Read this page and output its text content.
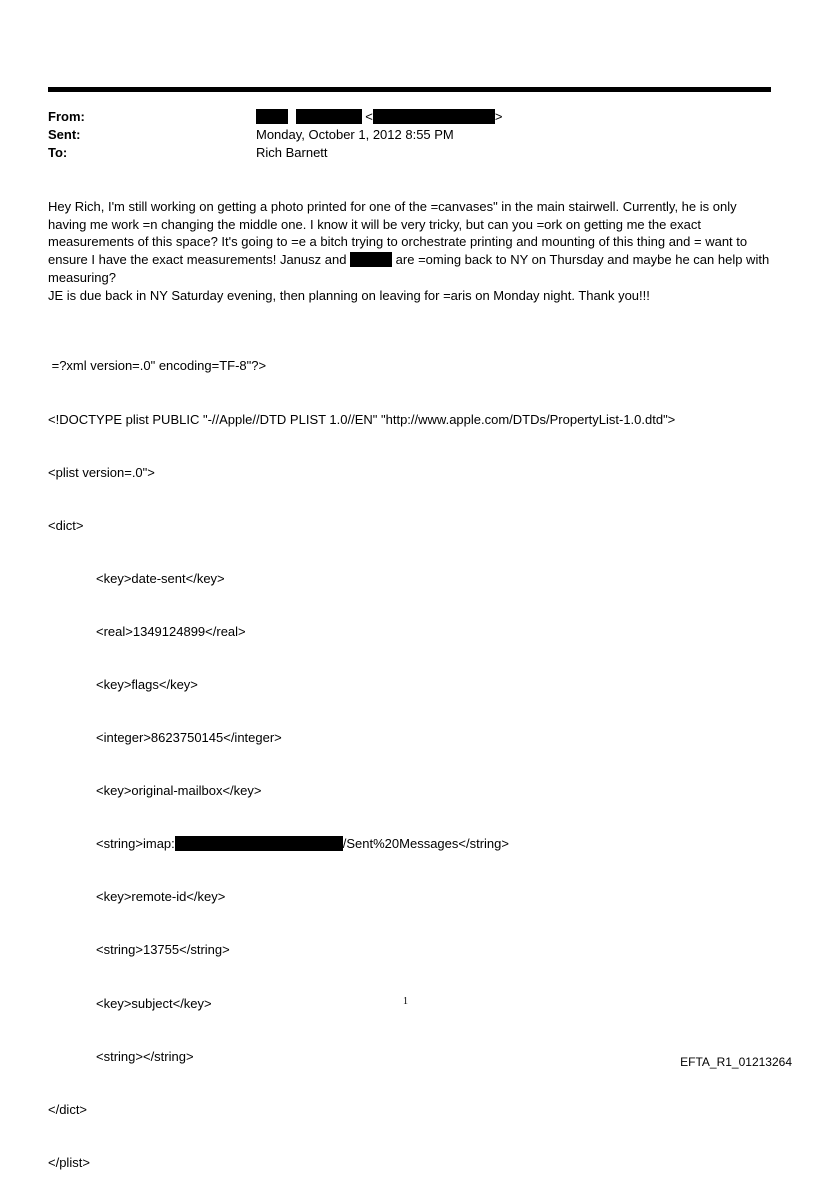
From:	<	>
Sent:	Monday, October 1, 2012 8:55 PM
To:	Rich Barnett

Hey Rich, I'm still working on getting a photo printed for one of the =canvases" in the main stairwell. Currently, he is only having me work =n changing the middle one. I know it will be very tricky, but can you =ork on getting me the exact measurements of this space? It's going to =e a bitch trying to orchestrate printing and mounting of this thing and = want to ensure I have the exact measurements! Janusz and	are =oming back to NY on Thursday and maybe he can help with measuring?

JE is due back in NY Saturday evening, then planning on leaving for =aris on Monday night. Thank you!!!

=?xml version=.0" encoding=TF-8"?>

<!DOCTYPE plist PUBLIC "-//Apple//DTD PLIST 1.0//EN" "http://www.apple.com/DTDs/PropertyList-1.0.dtd">

<plist version=.0">

<dict>

<key>date-sent</key>

<real>1349124899</real>

<key>flags</key>

<integer>8623750145</integer>

<key>original-mailbox</key>

<string>imap:	/Sent%20Messages</string>

<key>remote-id</key>

<string>13755</string>

<key>subject</key>

<string></string>

</dict>

</plist>

1
EFTA_R1_01213264
